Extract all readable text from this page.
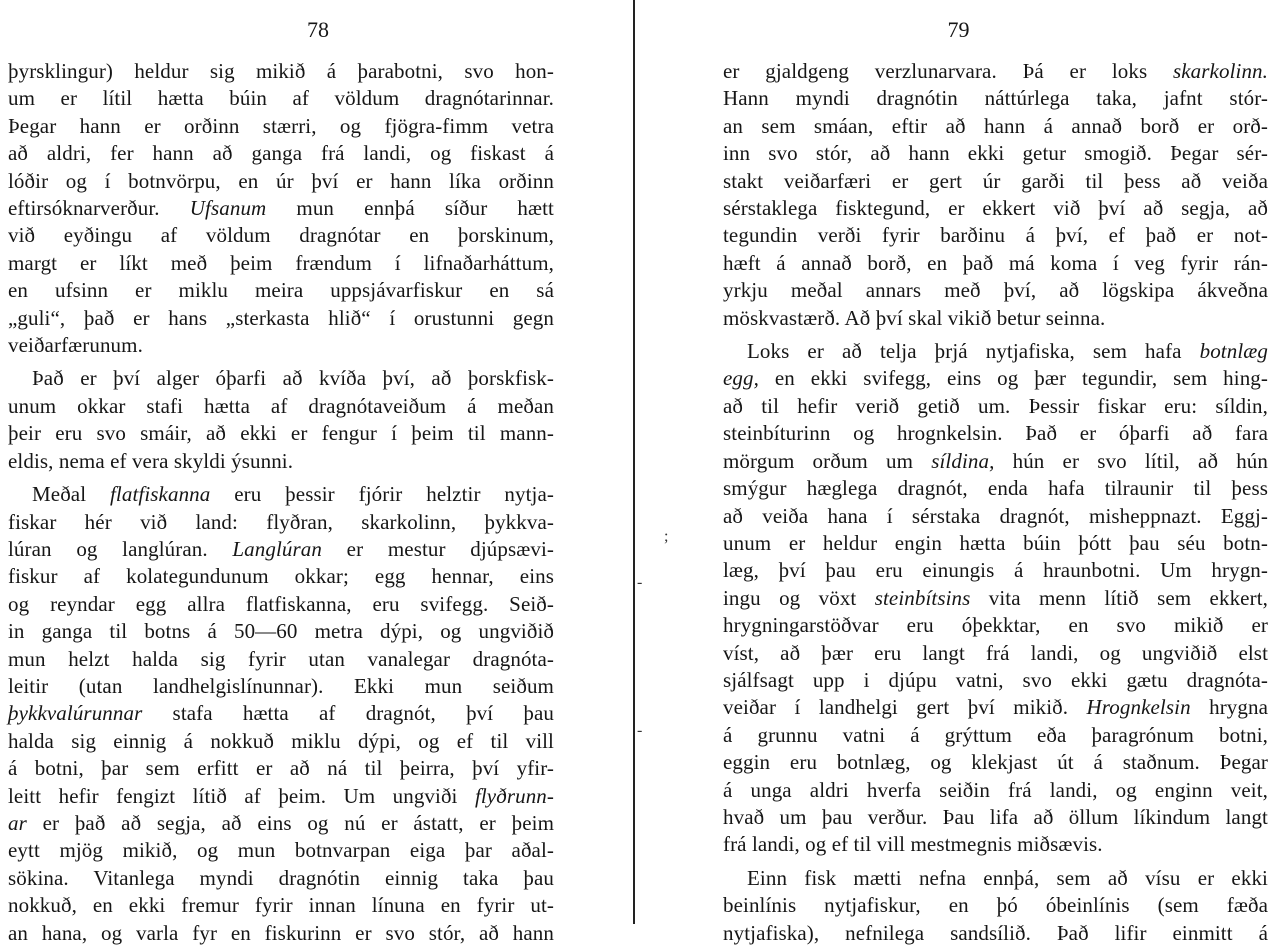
78
þyrsklingur) heldur sig mikið á þarabotni, svo hon-
um er lítil hætta búin af völdum dragnótarinnar.
Þegar hann er orðinn stærri, og fjögra-fimm vetra
að aldri, fer hann að ganga frá landi, og fiskast á
lóðir og í botnvörpu, en úr því er hann líka orðinn
eftirsóknarverður. Ufsanum mun ennþá síður hætt
við eyðingu af völdum dragnótar en þorskinum,
margt er líkt með þeim frændum í lifnaðarháttum,
en ufsinn er miklu meira uppsjávarfiskur en sá
„guli“, það er hans „sterkasta hlið“ í orustunni gegn
veiðarfærunum.
Það er því alger óþarfi að kvíða því, að þorskfisk-
unum okkar stafi hætta af dragnótaveiðum á meðan
þeir eru svo smáir, að ekki er fengur í þeim til mann-
eldis, nema ef vera skyldi ýsunni.
Meðal flatfiskanna eru þessir fjórir helztir nytja-
fiskar hér við land: flyðran, skarkolinn, þykkva-
lúran og langlúran. Langlúran er mestur djúpsævi-
fiskur af kolategundunum okkar; egg hennar, eins
og reyndar egg allra flatfiskanna, eru svifegg. Seið-
in ganga til botns á 50—60 metra dýpi, og ungviðið
mun helzt halda sig fyrir utan vanalegar dragnóta-
leitir (utan landhelgislínunnar). Ekki mun seiðum
þykkvalúrunnar stafa hætta af dragnót, því þau
halda sig einnig á nokkuð miklu dýpi, og ef til vill
á botni, þar sem erfitt er að ná til þeirra, því yfir-
leitt hefir fengizt lítið af þeim. Um ungviði flyðrunn-
ar er það að segja, að eins og nú er ástatt, er þeim
eytt mjög mikið, og mun botnvarpan eiga þar aðal-
sökina. Vitanlega myndi dragnótin einnig taka þau
nokkuð, en ekki fremur fyrir innan línuna en fyrir ut-
an hana, og varla fyr en fiskurinn er svo stór, að hann
;
-
-
79
er gjaldgeng verzlunarvara. Þá er loks skarkolinn.
Hann myndi dragnótin náttúrlega taka, jafnt stór-
an sem smáan, eftir að hann á annað borð er orð-
inn svo stór, að hann ekki getur smogið. Þegar sér-
stakt veiðarfæri er gert úr garði til þess að veiða
sérstaklega fisktegund, er ekkert við því að segja, að
tegundin verði fyrir barðinu á því, ef það er not-
hæft á annað borð, en það má koma í veg fyrir rán-
yrkju meðal annars með því, að lögskipa ákveðna
möskvastærð. Að því skal vikið betur seinna.
Loks er að telja þrjá nytjafiska, sem hafa botnlæg
egg, en ekki svifegg, eins og þær tegundir, sem hing-
að til hefir verið getið um. Þessir fiskar eru: síldin,
steinbíturinn og hrognkelsin. Það er óþarfi að fara
mörgum orðum um síldina, hún er svo lítil, að hún
smýgur hæglega dragnót, enda hafa tilraunir til þess
að veiða hana í sérstaka dragnót, misheppnazt. Eggj-
unum er heldur engin hætta búin þótt þau séu botn-
læg, því þau eru einungis á hraunbotni. Um hrygn-
ingu og vöxt steinbítsins vita menn lítið sem ekkert,
hrygningarstöðvar eru óþekktar, en svo mikið er
víst, að þær eru langt frá landi, og ungviðið elst
sjálfsagt upp i djúpu vatni, svo ekki gætu dragnóta-
veiðar í landhelgi gert því mikið. Hrognkelsin hrygna
á grunnu vatni á grýttum eða þaragrónum botni,
eggin eru botnlæg, og klekjast út á staðnum. Þegar
á unga aldri hverfa seiðin frá landi, og enginn veit,
hvað um þau verður. Þau lifa að öllum líkindum langt
frá landi, og ef til vill mestmegnis miðsævis.
Einn fisk mætti nefna ennþá, sem að vísu er ekki
beinlínis nytjafiskur, en þó óbeinlínis (sem fæða
nytjafiska), nefnilega sandsílið. Það lifir einmitt á
